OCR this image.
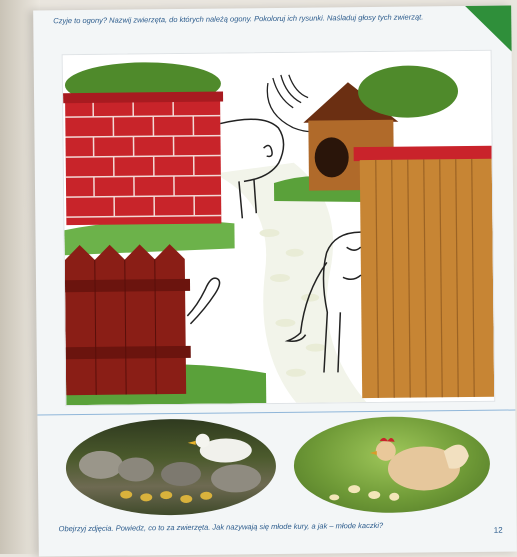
Czyje to ogony? Nazwij zwierzęta, do których należą ogony. Pokoloruj ich rysunki. Naśladuj głosy tych zwierząt.
Obejrzyj zdjęcia. Powiedz, co to za zwierzęta. Jak nazywają się młode kury, a jak – młode kaczki?	12
